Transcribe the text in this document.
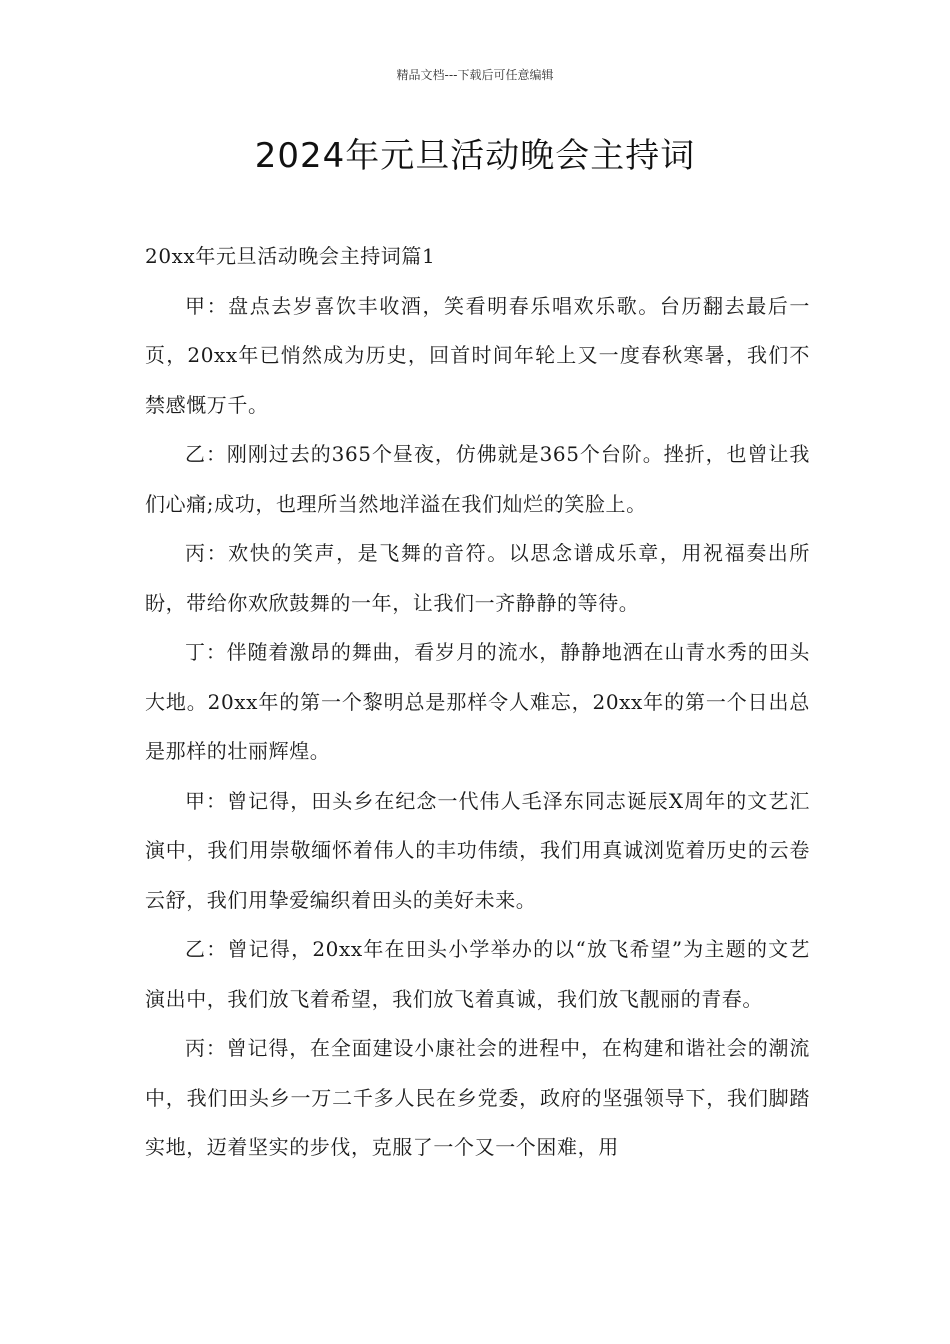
精品文档---下载后可任意编辑
2024年元旦活动晚会主持词

20xx年元旦活动晚会主持词篇1

甲：盘点去岁喜饮丰收酒，笑看明春乐唱欢乐歌。台历翻去最后一页，20xx年已悄然成为历史，回首时间年轮上又一度春秋寒暑，我们不禁感慨万千。

乙：刚刚过去的365个昼夜，仿佛就是365个台阶。挫折，也曾让我们心痛;成功，也理所当然地洋溢在我们灿烂的笑脸上。

丙：欢快的笑声，是飞舞的音符。以思念谱成乐章，用祝福奏出所盼，带给你欢欣鼓舞的一年，让我们一齐静静的等待。

丁：伴随着激昂的舞曲，看岁月的流水，静静地洒在山青水秀的田头大地。20xx年的第一个黎明总是那样令人难忘，20xx年的第一个日出总是那样的壮丽辉煌。

甲：曾记得，田头乡在纪念一代伟人毛泽东同志诞辰X周年的文艺汇演中，我们用崇敬缅怀着伟人的丰功伟绩，我们用真诚浏览着历史的云卷云舒，我们用挚爱编织着田头的美好未来。

乙：曾记得，20xx年在田头小学举办的以“放飞希望”为主题的文艺演出中，我们放飞着希望，我们放飞着真诚，我们放飞靓丽的青春。

丙：曾记得，在全面建设小康社会的进程中，在构建和谐社会的潮流中，我们田头乡一万二千多人民在乡党委，政府的坚强领导下，我们脚踏实地，迈着坚实的步伐，克服了一个又一个困难，用
